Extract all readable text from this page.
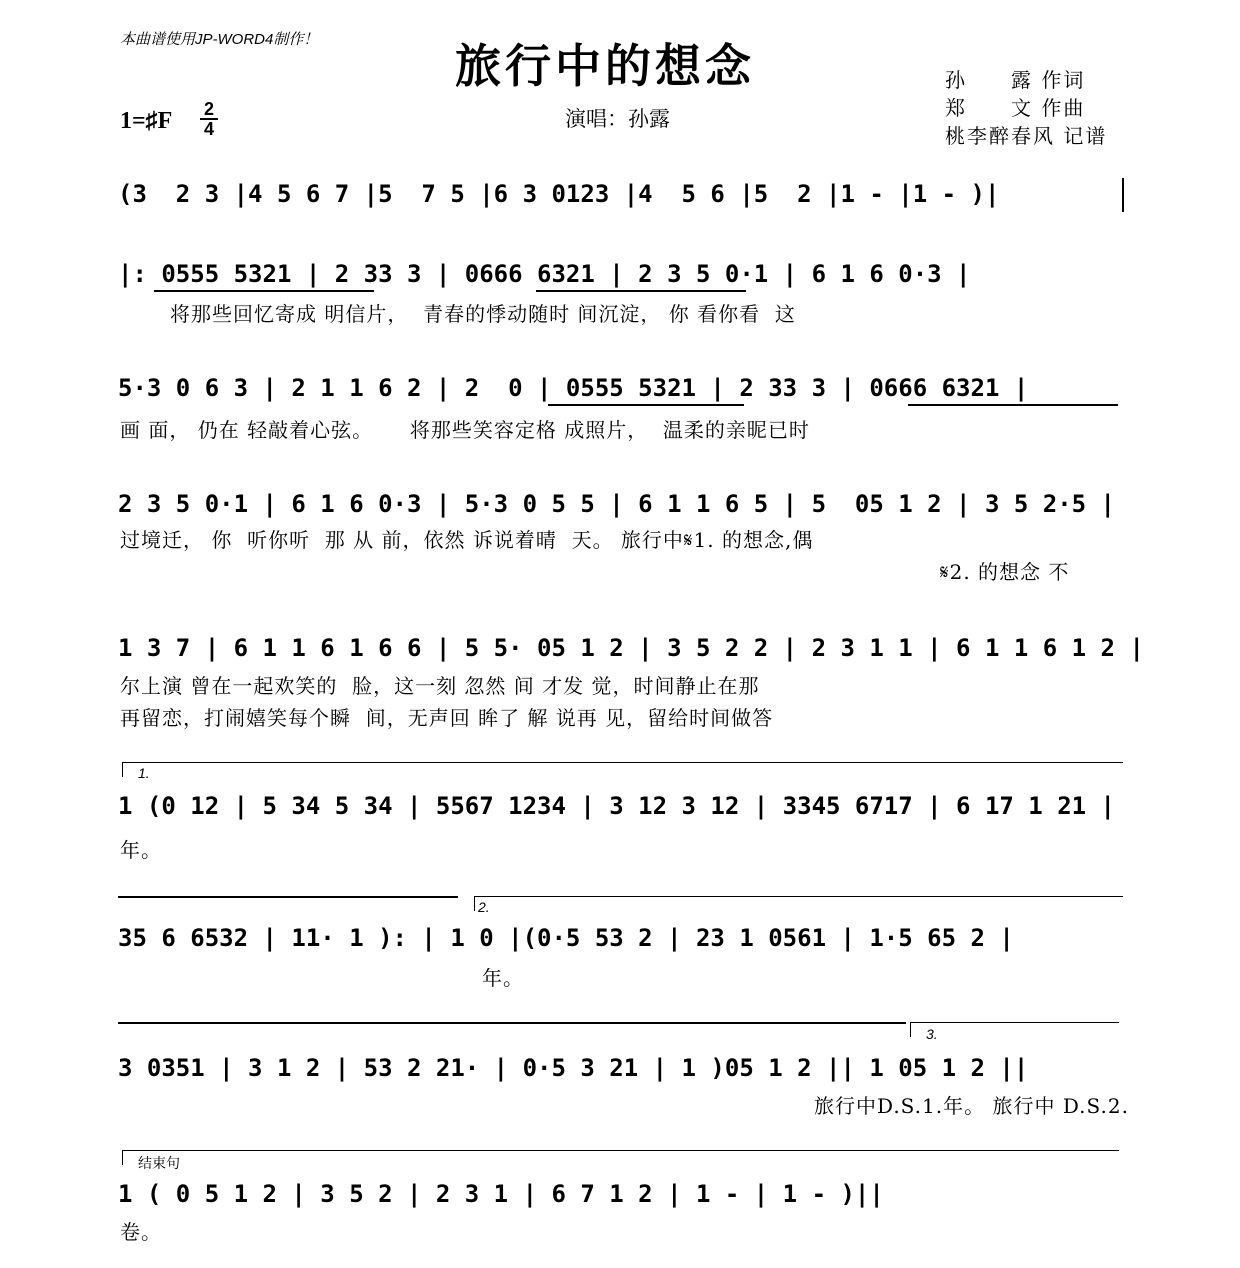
本曲谱使用JP-WORD4制作！	旅行中的想念
1=♯F 2
4	演唱：孙露
孙　　露 作词
郑　　文 作曲
桃李醉春风 记谱
(3  2 3 |4 5 6 7 |5  7 5 |6 3 0123 |4  5 6 |5  2 |1 - |1 - )|
|: 0555 5321 | 2 33 3 | 0666 6321 | 2 3 5 0·1 | 6 1 6 0·3 |
将那些回忆寄成 明信片，  青春的悸动随时 间沉淀， 你 看你看  这
5·3 0 6 3 | 2 1 1 6 2 | 2  0 | 0555 5321 | 2 33 3 | 0666 6321 |
画 面， 仍在 轻敲着心弦。     将那些笑容定格 成照片，  温柔的亲昵已时
2 3 5 0·1 | 6 1 6 0·3 | 5·3 0 5 5 | 6 1 1 6 5 | 5  05 1 2 | 3 5 2·5 |
过境迁， 你  听你听  那 从 前，依然 诉说着晴  天。 旅行中𝄋1. 的想念,偶
𝄋2. 的想念 不
1 3 7 | 6 1 1 6 1 6 6 | 5 5· 05 1 2 | 3 5 2 2 | 2 3 1 1 | 6 1 1 6 1 2 |
尔上演 曾在一起欢笑的  脸，这一刻 忽然 间 才发 觉，时间静止在那
再留恋，打闹嬉笑每个瞬  间，无声回 眸了 解 说再 见，留给时间做答
1.
1 (0 12 | 5 34 5 34 | 5567 1234 | 3 12 3 12 | 3345 6717 | 6 17 1 21 |
年。
2.
35 6 6532 | 11· 1 ): | 1 0 |(0·5 53 2 | 23 1 0561 | 1·5 65 2 |
年。
3.
3 0351 | 3 1 2 | 53 2 21· | 0·5 3 21 | 1 )05 1 2 || 1 05 1 2 ||
旅行中D.S.1.年。 旅行中 D.S.2.
结束句
1 ( 0 5 1 2 | 3 5 2 | 2 3 1 | 6 7 1 2 | 1 - | 1 - )||
卷。
